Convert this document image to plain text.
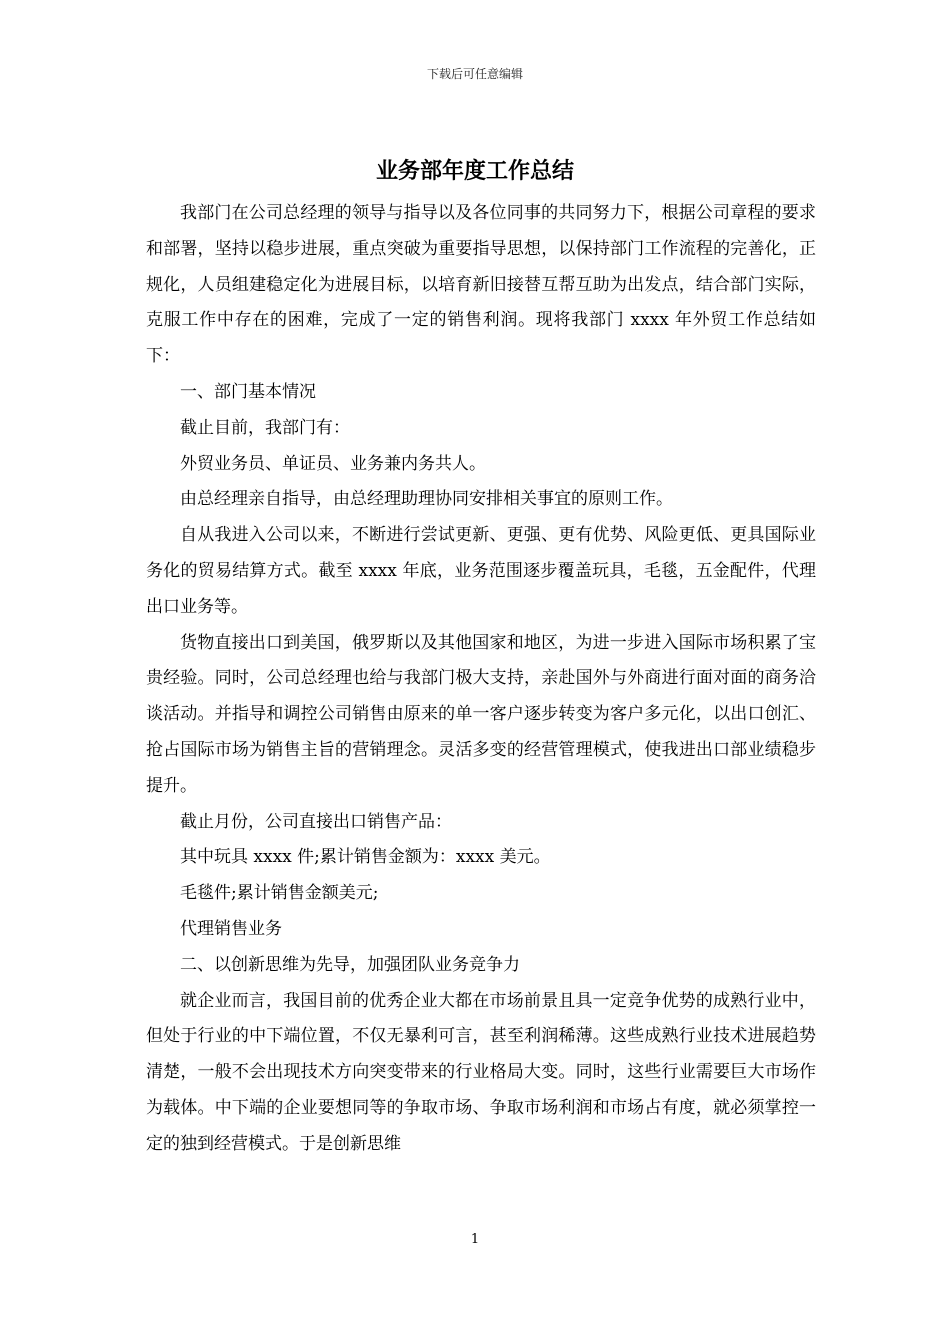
下载后可任意编辑
业务部年度工作总结

我部门在公司总经理的领导与指导以及各位同事的共同努力下，根据公司章程的要求和部署，坚持以稳步进展，重点突破为重要指导思想，以保持部门工作流程的完善化，正规化，人员组建稳定化为进展目标，以培育新旧接替互帮互助为出发点，结合部门实际，克服工作中存在的困难，完成了一定的销售利润。现将我部门 xxxx 年外贸工作总结如下：

一、部门基本情况

截止目前，我部门有：

外贸业务员、单证员、业务兼内务共人。

由总经理亲自指导，由总经理助理协同安排相关事宜的原则工作。

自从我进入公司以来，不断进行尝试更新、更强、更有优势、风险更低、更具国际业务化的贸易结算方式。截至 xxxx 年底，业务范围逐步覆盖玩具，毛毯，五金配件，代理出口业务等。

货物直接出口到美国，俄罗斯以及其他国家和地区，为进一步进入国际市场积累了宝贵经验。同时，公司总经理也给与我部门极大支持，亲赴国外与外商进行面对面的商务洽谈活动。并指导和调控公司销售由原来的单一客户逐步转变为客户多元化，以出口创汇、抢占国际市场为销售主旨的营销理念。灵活多变的经营管理模式，使我进出口部业绩稳步提升。

截止月份，公司直接出口销售产品：

其中玩具 xxxx 件;累计销售金额为：xxxx 美元。

毛毯件;累计销售金额美元;

代理销售业务

二、以创新思维为先导，加强团队业务竞争力

就企业而言，我国目前的优秀企业大都在市场前景且具一定竞争优势的成熟行业中，但处于行业的中下端位置，不仅无暴利可言，甚至利润稀薄。这些成熟行业技术进展趋势清楚，一般不会出现技术方向突变带来的行业格局大变。同时，这些行业需要巨大市场作为载体。中下端的企业要想同等的争取市场、争取市场利润和市场占有度，就必须掌控一定的独到经营模式。于是创新思维

1
